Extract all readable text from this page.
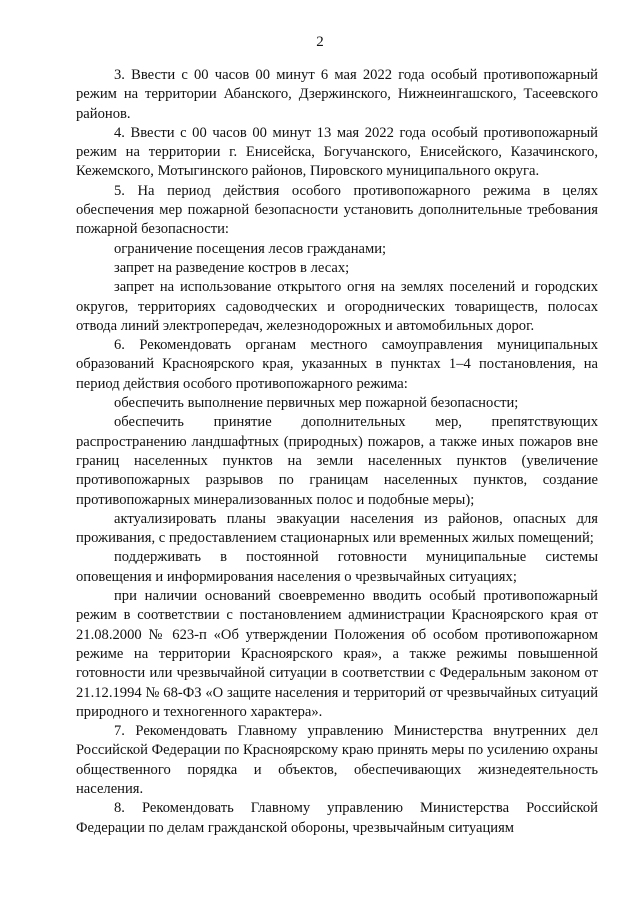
2

3. Ввести с 00 часов 00 минут 6 мая 2022 года особый противопожарный режим на территории Абанского, Дзержинского, Нижнеингашского, Тасеевского районов.

4. Ввести с 00 часов 00 минут 13 мая 2022 года особый противопожарный режим на территории г. Енисейска, Богучанского, Енисейского, Казачинского, Кежемского, Мотыгинского районов, Пировского муниципального округа.

5. На период действия особого противопожарного режима в целях обеспечения мер пожарной безопасности установить дополнительные требования пожарной безопасности:

ограничение посещения лесов гражданами;

запрет на разведение костров в лесах;

запрет на использование открытого огня на землях поселений и городских округов, территориях садоводческих и огороднических товариществ, полосах отвода линий электропередач, железнодорожных и автомобильных дорог.

6. Рекомендовать органам местного самоуправления муниципальных образований Красноярского края, указанных в пунктах 1–4 постановления, на период действия особого противопожарного режима:

обеспечить выполнение первичных мер пожарной безопасности;

обеспечить принятие дополнительных мер, препятствующих распространению ландшафтных (природных) пожаров, а также иных пожаров вне границ населенных пунктов на земли населенных пунктов (увеличение противопожарных разрывов по границам населенных пунктов, создание противопожарных минерализованных полос и подобные меры);

актуализировать планы эвакуации населения из районов, опасных для проживания, с предоставлением стационарных или временных жилых помещений;

поддерживать в постоянной готовности муниципальные системы оповещения и информирования населения о чрезвычайных ситуациях;

при наличии оснований своевременно вводить особый противопожарный режим в соответствии с постановлением администрации Красноярского края от 21.08.2000 № 623-п «Об утверждении Положения об особом противопожарном режиме на территории Красноярского края», а также режимы повышенной готовности или чрезвычайной ситуации в соответствии с Федеральным законом от 21.12.1994 № 68-ФЗ «О защите населения и территорий от чрезвычайных ситуаций природного и техногенного характера».

7. Рекомендовать Главному управлению Министерства внутренних дел Российской Федерации по Красноярскому краю принять меры по усилению охраны общественного порядка и объектов, обеспечивающих жизнедеятельность населения.

8. Рекомендовать Главному управлению Министерства Российской Федерации по делам гражданской обороны, чрезвычайным ситуациям
